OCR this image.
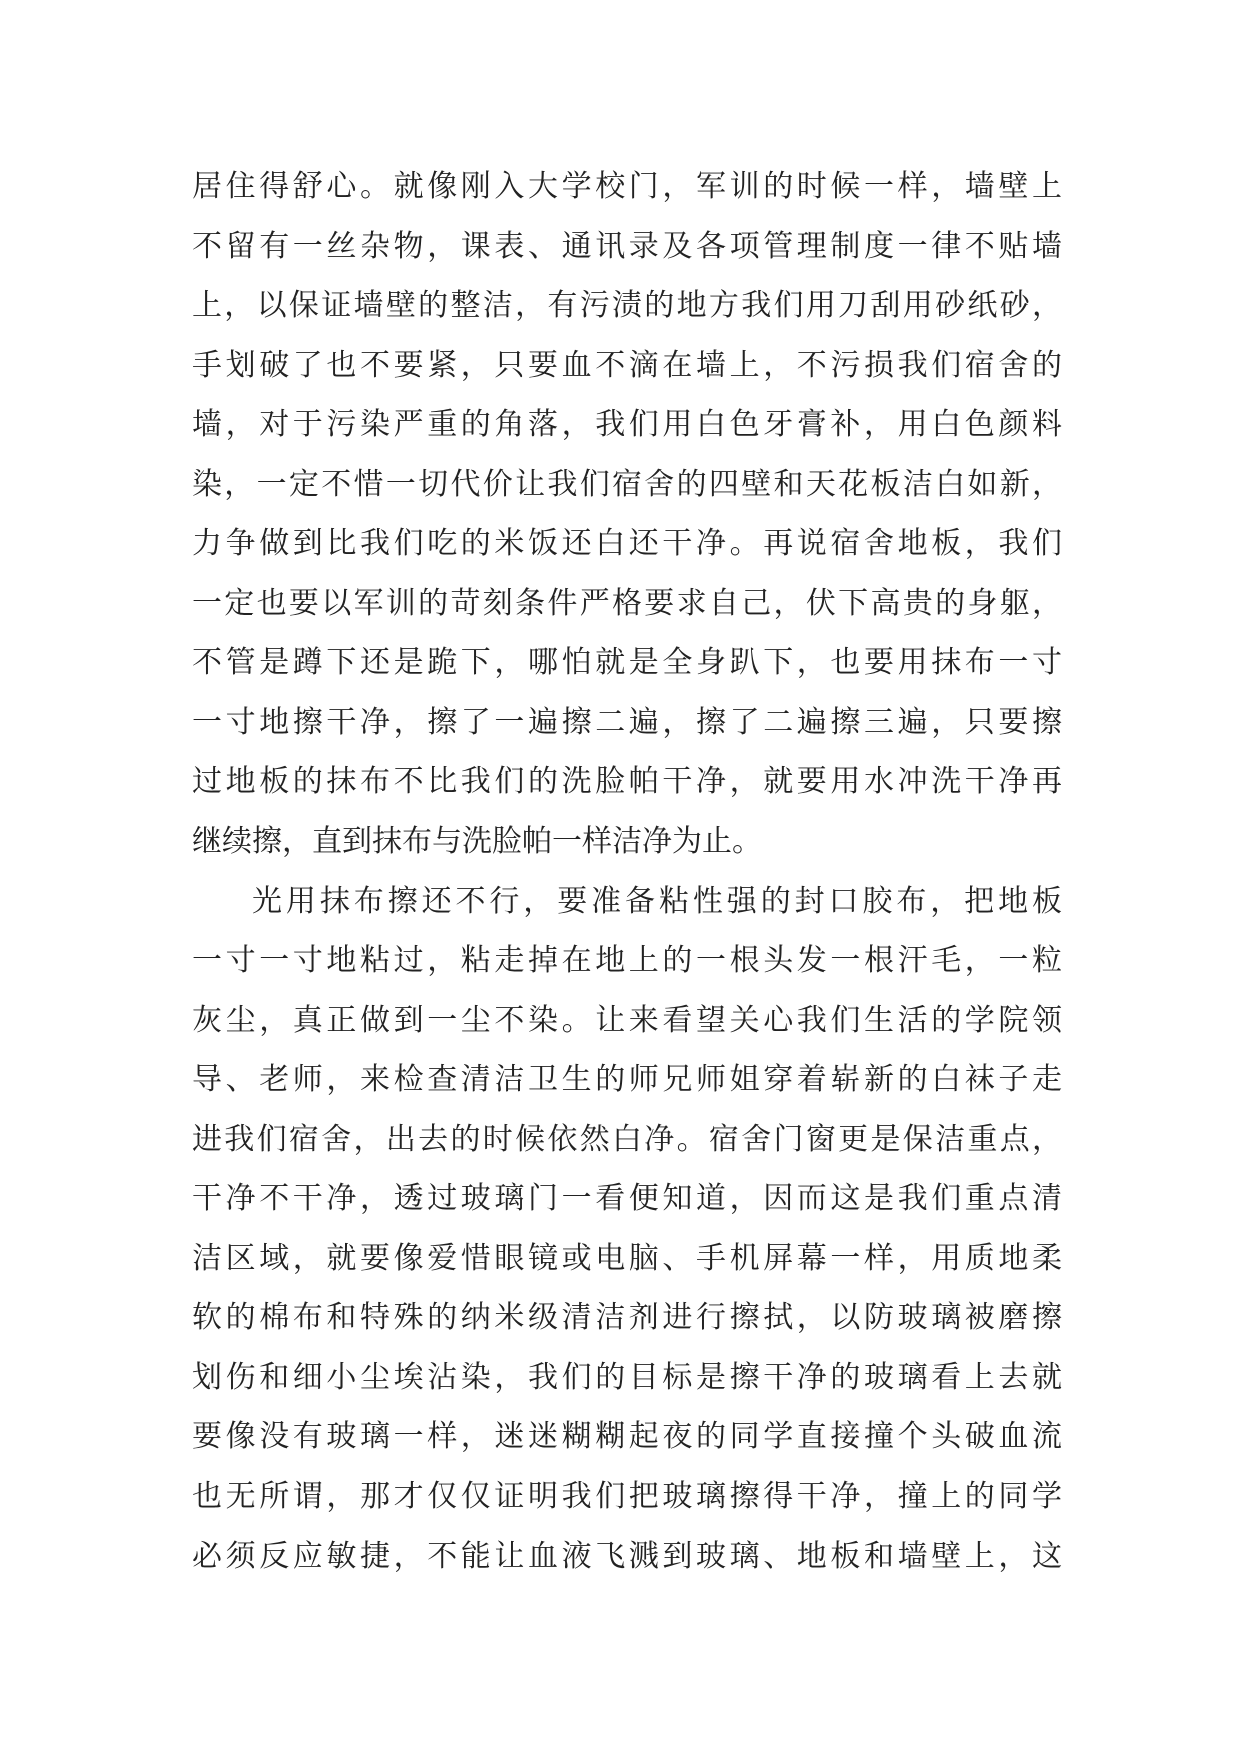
居住得舒心。就像刚入大学校门，军训的时候一样，墙壁上
不留有一丝杂物，课表、通讯录及各项管理制度一律不贴墙
上，以保证墙壁的整洁，有污渍的地方我们用刀刮用砂纸砂，
手划破了也不要紧，只要血不滴在墙上，不污损我们宿舍的
墙，对于污染严重的角落，我们用白色牙膏补，用白色颜料
染，一定不惜一切代价让我们宿舍的四壁和天花板洁白如新，
力争做到比我们吃的米饭还白还干净。再说宿舍地板，我们
一定也要以军训的苛刻条件严格要求自己，伏下高贵的身躯，
不管是蹲下还是跪下，哪怕就是全身趴下，也要用抹布一寸
一寸地擦干净，擦了一遍擦二遍，擦了二遍擦三遍，只要擦
过地板的抹布不比我们的洗脸帕干净，就要用水冲洗干净再
继续擦，直到抹布与洗脸帕一样洁净为止。
光用抹布擦还不行，要准备粘性强的封口胶布，把地板
一寸一寸地粘过，粘走掉在地上的一根头发一根汗毛，一粒
灰尘，真正做到一尘不染。让来看望关心我们生活的学院领
导、老师，来检查清洁卫生的师兄师姐穿着崭新的白袜子走
进我们宿舍，出去的时候依然白净。宿舍门窗更是保洁重点，
干净不干净，透过玻璃门一看便知道，因而这是我们重点清
洁区域，就要像爱惜眼镜或电脑、手机屏幕一样，用质地柔
软的棉布和特殊的纳米级清洁剂进行擦拭，以防玻璃被磨擦
划伤和细小尘埃沾染，我们的目标是擦干净的玻璃看上去就
要像没有玻璃一样，迷迷糊糊起夜的同学直接撞个头破血流
也无所谓，那才仅仅证明我们把玻璃擦得干净，撞上的同学
必须反应敏捷，不能让血液飞溅到玻璃、地板和墙壁上，这
